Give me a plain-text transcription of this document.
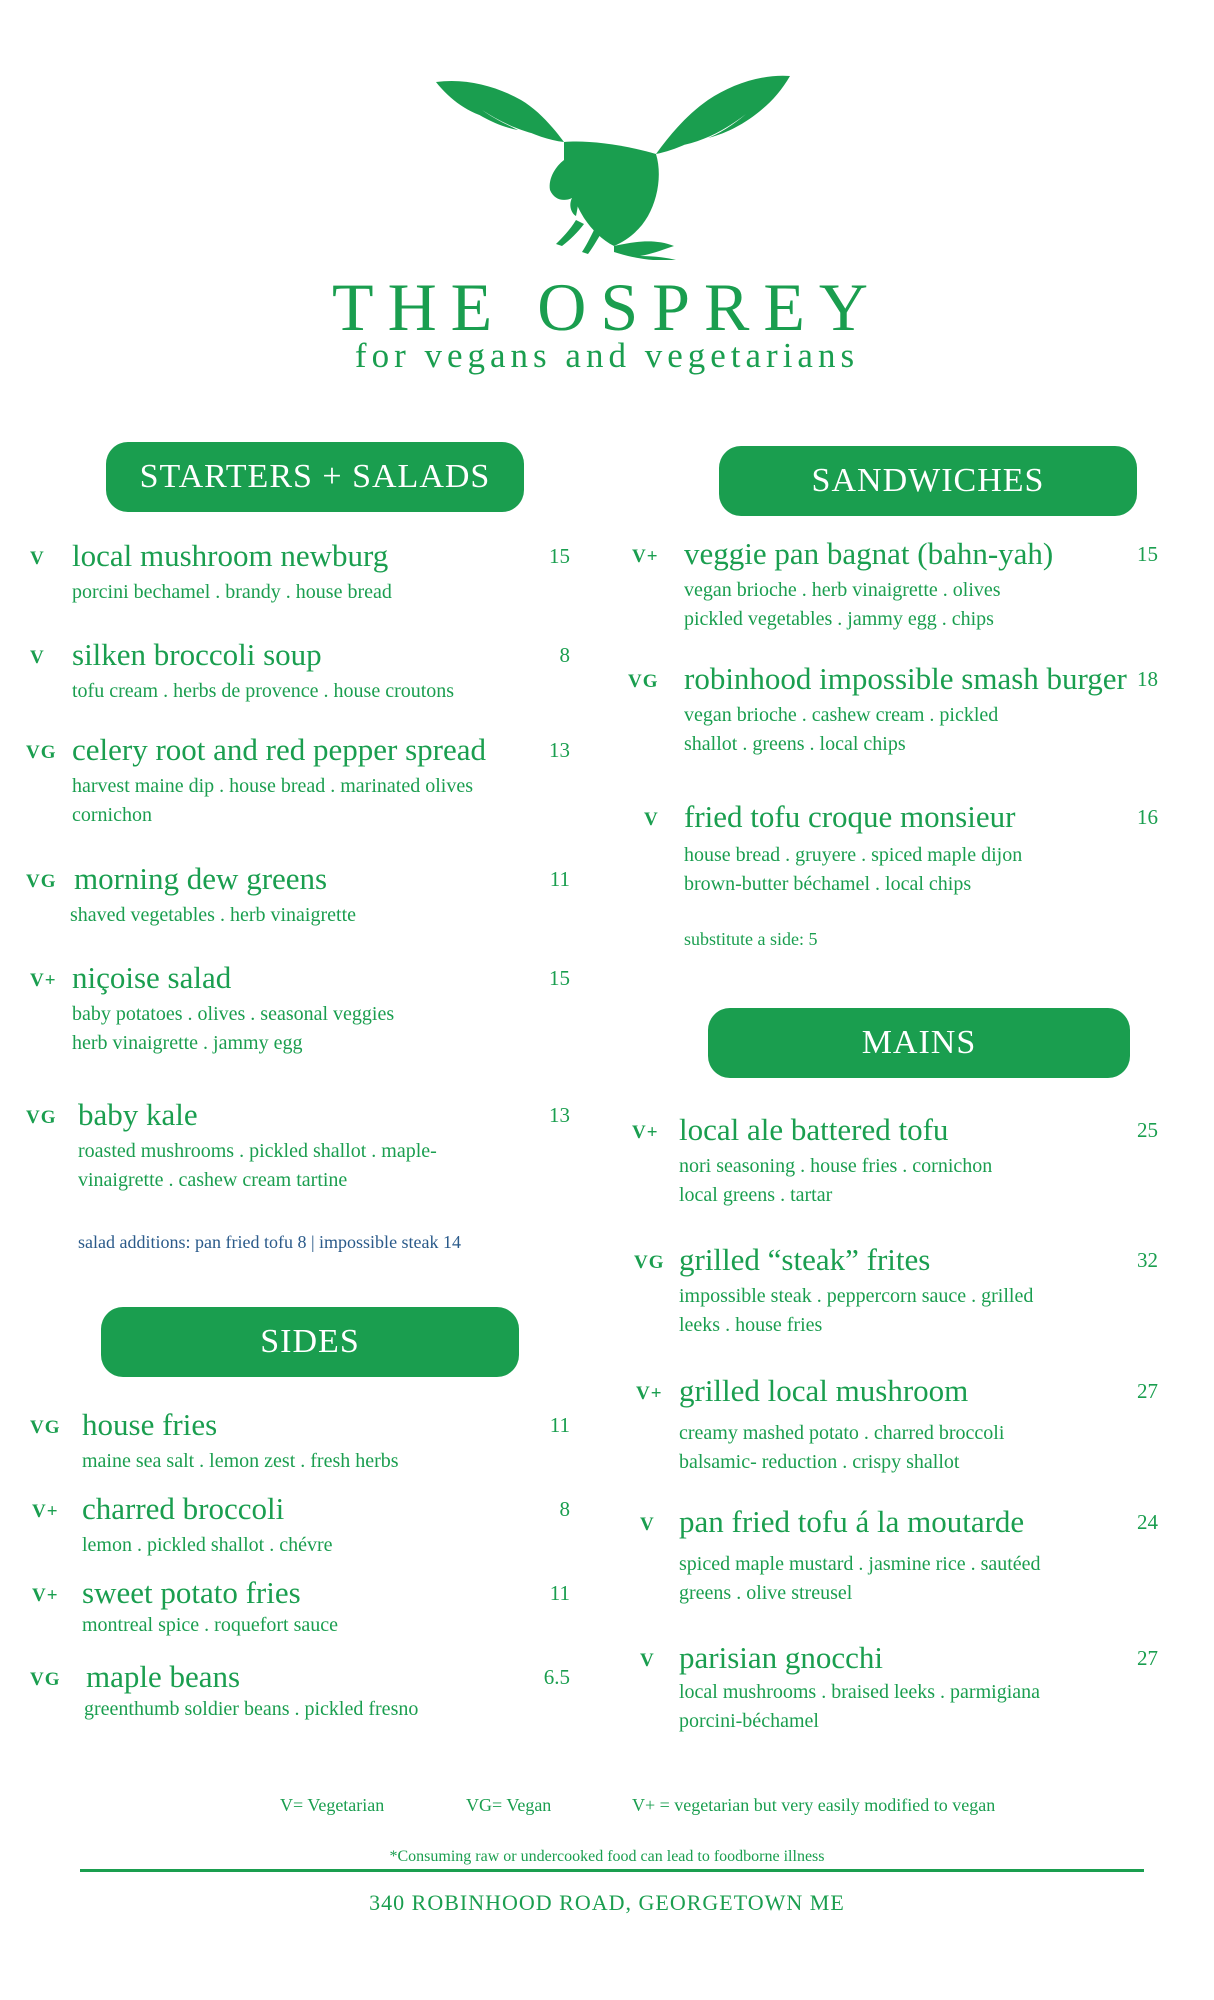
THE OSPREY
for vegans and vegetarians
STARTERS + SALADS
V local mushroom newburg	15
porcini bechamel . brandy . house bread
V silken broccoli soup	8
tofu cream . herbs de provence . house croutons
VG celery root and red pepper spread	13
harvest maine dip . house bread . marinated olives
cornichon
VG morning dew greens	11
shaved vegetables . herb vinaigrette
V+ niçoise salad	15
baby potatoes . olives . seasonal veggies
herb vinaigrette . jammy egg
VG baby kale	13
roasted mushrooms . pickled shallot . maple-
vinaigrette . cashew cream tartine
salad additions: pan fried tofu 8 | impossible steak 14
SIDES
VG house fries	11
maine sea salt . lemon zest . fresh herbs
V+ charred broccoli	8
lemon . pickled shallot . chévre
V+ sweet potato fries	11
montreal spice . roquefort sauce
VG maple beans	6.5
greenthumb soldier beans . pickled fresno
SANDWICHES
V+ veggie pan bagnat (bahn-yah)	15
vegan brioche . herb vinaigrette . olives
pickled vegetables . jammy egg . chips
VG robinhood impossible smash burger 18
vegan brioche . cashew cream . pickled
shallot . greens . local chips
V fried tofu croque monsieur	16
house bread . gruyere . spiced maple dijon
brown-butter béchamel . local chips
substitute a side: 5
MAINS
V+ local ale battered tofu	25
nori seasoning . house fries . cornichon
local greens . tartar
VG grilled “steak” frites	32
impossible steak . peppercorn sauce . grilled
leeks . house fries
V+ grilled local mushroom	27
creamy mashed potato . charred broccoli
balsamic- reduction . crispy shallot
V pan fried tofu á la moutarde	24
spiced maple mustard . jasmine rice . sautéed
greens . olive streusel
V parisian gnocchi	27
local mushrooms . braised leeks . parmigiana
porcini-béchamel
V= Vegetarian	VG= Vegan	V+ = vegetarian but very easily modified to vegan
*Consuming raw or undercooked food can lead to foodborne illness
340 ROBINHOOD ROAD, GEORGETOWN ME
